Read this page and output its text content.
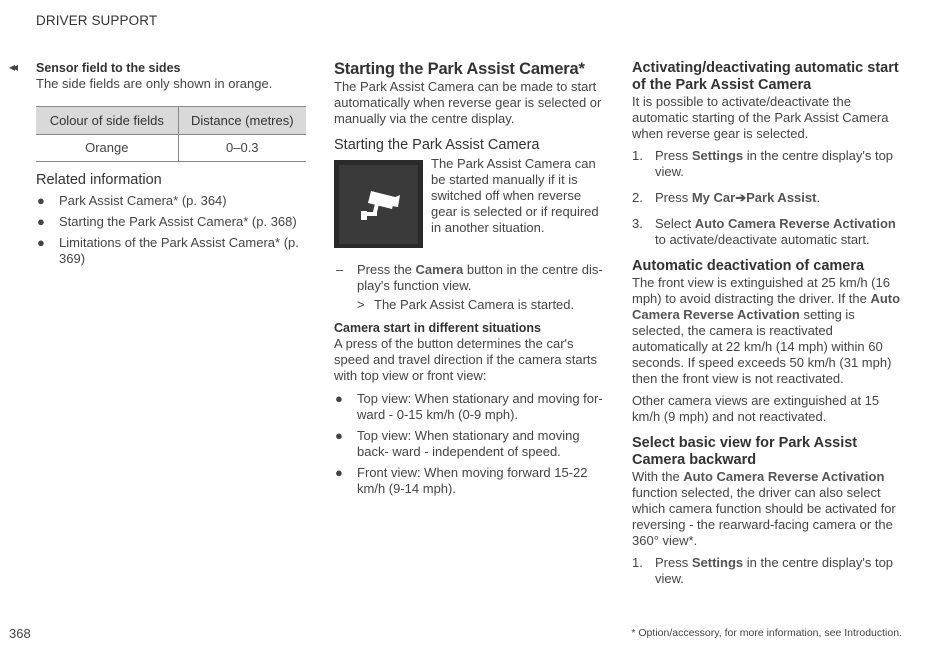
DRIVER SUPPORT
◂◂ Sensor field to the sides

The side fields are only shown in orange.

Colour of side fields	Distance (metres)
Orange	0–0.3
Related information
● Park Assist Camera* (p. 364)
● Starting the Park Assist Camera* (p. 368)
● Limitations of the Park Assist Camera* (p. 369)
Starting the Park Assist Camera*

The Park Assist Camera can be made to start automatically when reverse gear is selected or manually via the centre display.

Starting the Park Assist Camera
The Park Assist Camera can be started manually if it is switched off when reverse gear is selected or if required in another situation.
– Press the Camera button in the centre dis- play's function view.
> The Park Assist Camera is started.
Camera start in different situations

A press of the button determines the car's speed and travel direction if the camera starts with top view or front view:

● Top view: When stationary and moving for- ward - 0-15 km/h (0-9 mph).
● Top view: When stationary and moving back- ward - independent of speed.
● Front view: When moving forward 15-22 km/h (9-14 mph).
Activating/deactivating automatic start of the Park Assist Camera

It is possible to activate/deactivate the automatic starting of the Park Assist Camera when reverse gear is selected.

1. Press Settings in the centre display's top view.
2. Press My Car➔Park Assist.
3. Select Auto Camera Reverse Activation to activate/deactivate automatic start.
Automatic deactivation of camera

The front view is extinguished at 25 km/h (16 mph) to avoid distracting the driver. If the Auto Camera Reverse Activation setting is selected, the camera is reactivated automatically at 22 km/h (14 mph) within 60 seconds. If speed exceeds 50 km/h (31 mph) then the front view is not reactivated.

Other camera views are extinguished at 15 km/h (9 mph) and not reactivated.

Select basic view for Park Assist Camera backward

With the Auto Camera Reverse Activation function selected, the driver can also select which camera function should be activated for reversing - the rearward-facing camera or the 360° view*.

1. Press Settings in the centre display's top view.
368	* Option/accessory, for more information, see Introduction.
